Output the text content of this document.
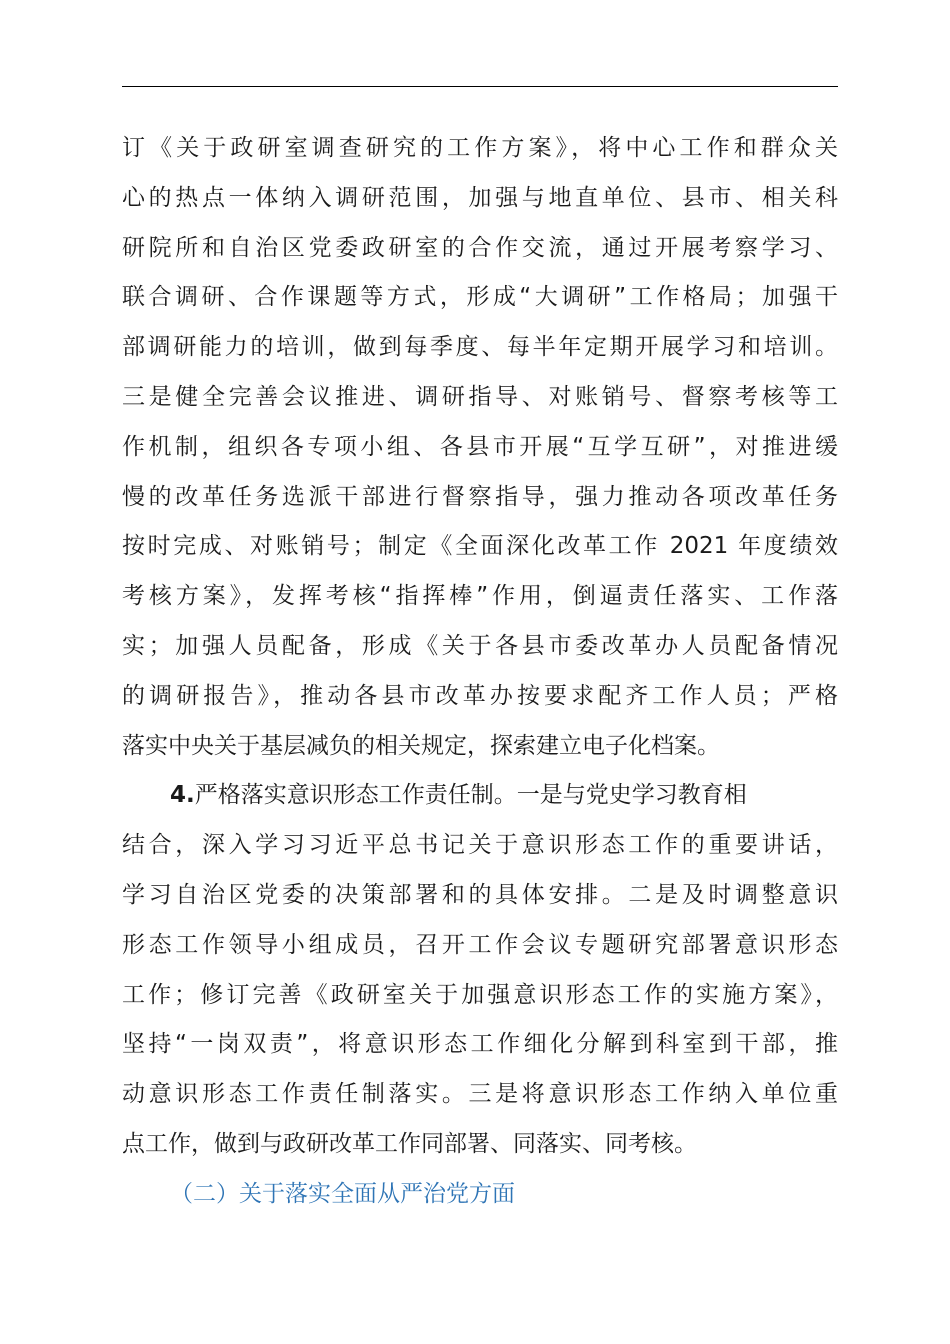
订《关于政研室调查研究的工作方案》，将中心工作和群众关
心的热点一体纳入调研范围，加强与地直单位、县市、相关科
研院所和自治区党委政研室的合作交流，通过开展考察学习、
联合调研、合作课题等方式，形成“大调研”工作格局；加强干
部调研能力的培训，做到每季度、每半年定期开展学习和培训。
三是健全完善会议推进、调研指导、对账销号、督察考核等工
作机制，组织各专项小组、各县市开展“互学互研”，对推进缓
慢的改革任务选派干部进行督察指导，强力推动各项改革任务
按时完成、对账销号；制定《全面深化改革工作 2021 年度绩效
考核方案》，发挥考核“指挥棒”作用，倒逼责任落实、工作落
实；加强人员配备，形成《关于各县市委改革办人员配备情况
的调研报告》，推动各县市改革办按要求配齐工作人员；严格
落实中央关于基层减负的相关规定，探索建立电子化档案。
4.严格落实意识形态工作责任制。一是与党史学习教育相
结合，深入学习习近平总书记关于意识形态工作的重要讲话，
学习自治区党委的决策部署和的具体安排。二是及时调整意识
形态工作领导小组成员，召开工作会议专题研究部署意识形态
工作；修订完善《政研室关于加强意识形态工作的实施方案》，
坚持“一岗双责”，将意识形态工作细化分解到科室到干部，推
动意识形态工作责任制落实。三是将意识形态工作纳入单位重
点工作，做到与政研改革工作同部署、同落实、同考核。
（二）关于落实全面从严治党方面
